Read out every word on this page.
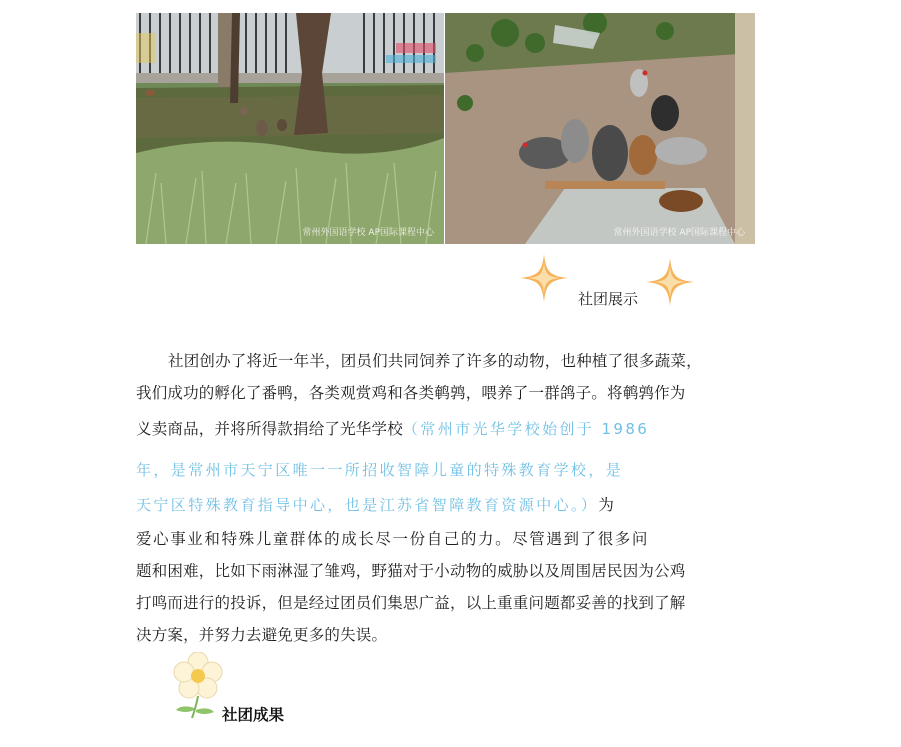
常州外国语学校 AP国际课程中心	常州外国语学校 AP国际课程中心
社团展示
社团创办了将近一年半，团员们共同饲养了许多的动物，也种植了很多蔬菜，
我们成功的孵化了番鸭，各类观赏鸡和各类鹌鹑，喂养了一群鸽子。将鹌鹑作为
义卖商品，并将所得款捐给了光华学校（常州市光华学校始创于 1986
年，是常州市天宁区唯一一所招收智障儿童的特殊教育学校，是
天宁区特殊教育指导中心，也是江苏省智障教育资源中心。）为
爱心事业和特殊儿童群体的成长尽一份自己的力。尽管遇到了很多问
题和困难，比如下雨淋湿了雏鸡，野猫对于小动物的威胁以及周围居民因为公鸡
打鸣而进行的投诉，但是经过团员们集思广益，以上重重问题都妥善的找到了解
决方案，并努力去避免更多的失误。
社团成果
